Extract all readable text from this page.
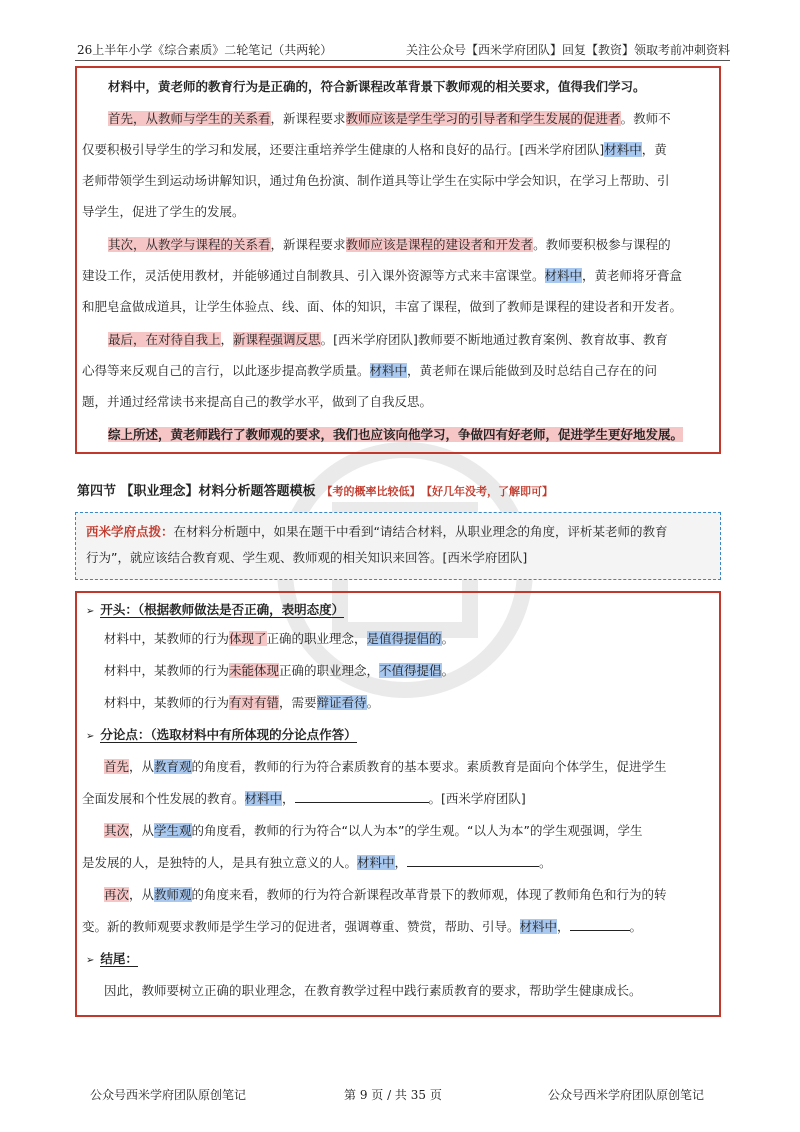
26上半年小学《综合素质》二轮笔记（共两轮）	关注公众号【西米学府团队】回复【教资】领取考前冲刺资料
材料中，黄老师的教育行为是正确的，符合新课程改革背景下教师观的相关要求，值得我们学习。
首先，从教师与学生的关系看，新课程要求教师应该是学生学习的引导者和学生发展的促进者。教师不
仅要积极引导学生的学习和发展，还要注重培养学生健康的人格和良好的品行。[西米学府团队]材料中，黄
老师带领学生到运动场讲解知识，通过角色扮演、制作道具等让学生在实际中学会知识，在学习上帮助、引
导学生，促进了学生的发展。
其次，从教学与课程的关系看，新课程要求教师应该是课程的建设者和开发者。教师要积极参与课程的
建设工作，灵活使用教材，并能够通过自制教具、引入课外资源等方式来丰富课堂。材料中，黄老师将牙膏盒
和肥皂盒做成道具，让学生体验点、线、面、体的知识，丰富了课程，做到了教师是课程的建设者和开发者。
最后，在对待自我上，新课程强调反思。[西米学府团队]教师要不断地通过教育案例、教育故事、教育
心得等来反观自己的言行，以此逐步提高教学质量。材料中，黄老师在课后能做到及时总结自己存在的问
题，并通过经常读书来提高自己的教学水平，做到了自我反思。
综上所述，黄老师践行了教师观的要求，我们也应该向他学习，争做四有好老师，促进学生更好地发展。
第四节 【职业理念】材料分析题答题模板 【考的概率比较低】 【好几年没考，了解即可】
西米学府点拨：在材料分析题中，如果在题干中看到“请结合材料，从职业理念的角度，评析某老师的教育
行为”，就应该结合教育观、学生观、教师观的相关知识来回答。[西米学府团队]
➢ 开头：（根据教师做法是否正确，表明态度）
材料中，某教师的行为体现了正确的职业理念，是值得提倡的。
材料中，某教师的行为未能体现正确的职业理念，不值得提倡。
材料中，某教师的行为有对有错，需要辩证看待。
➢ 分论点：（选取材料中有所体现的分论点作答）
首先，从教育观的角度看，教师的行为符合素质教育的基本要求。素质教育是面向个体学生，促进学生
全面发展和个性发展的教育。材料中，	。[西米学府团队]
其次，从学生观的角度看，教师的行为符合“以人为本”的学生观。“以人为本”的学生观强调，学生
是发展的人，是独特的人，是具有独立意义的人。材料中，	。
再次，从教师观的角度来看，教师的行为符合新课程改革背景下的教师观，体现了教师角色和行为的转
变。新的教师观要求教师是学生学习的促进者，强调尊重、赞赏，帮助、引导。材料中，	。
➢ 结尾：
因此，教师要树立正确的职业理念，在教育教学过程中践行素质教育的要求，帮助学生健康成长。
公众号西米学府团队原创笔记	第 9 页 / 共 35 页	公众号西米学府团队原创笔记
